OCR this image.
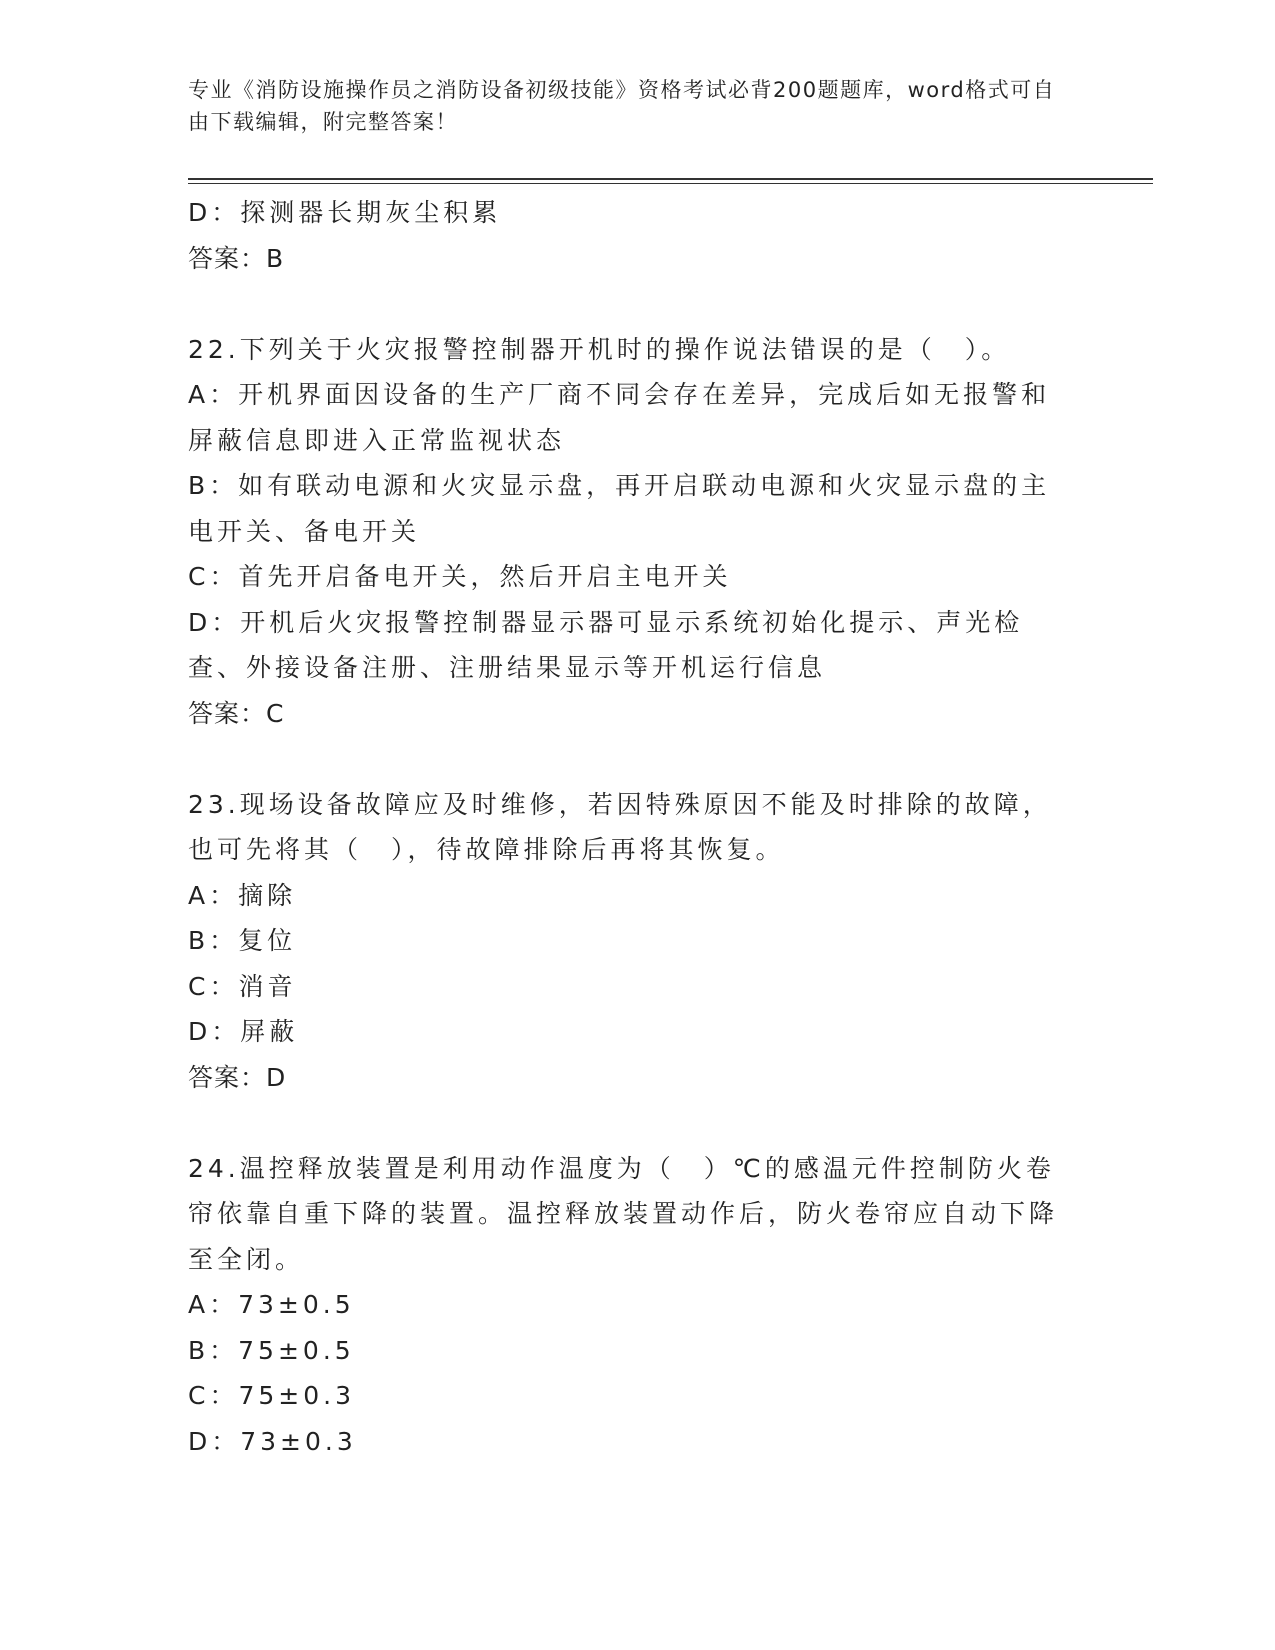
专业《消防设施操作员之消防设备初级技能》资格考试必背200题题库，word格式可自由下载编辑，附完整答案！
D：探测器长期灰尘积累
答案：B
22.下列关于火灾报警控制器开机时的操作说法错误的是（　）。
A：开机界面因设备的生产厂商不同会存在差异，完成后如无报警和屏蔽信息即进入正常监视状态
B：如有联动电源和火灾显示盘，再开启联动电源和火灾显示盘的主电开关、备电开关
C：首先开启备电开关，然后开启主电开关
D：开机后火灾报警控制器显示器可显示系统初始化提示、声光检查、外接设备注册、注册结果显示等开机运行信息
答案：C
23.现场设备故障应及时维修，若因特殊原因不能及时排除的故障，也可先将其（　），待故障排除后再将其恢复。
A：摘除
B：复位
C：消音
D：屏蔽
答案：D
24.温控释放装置是利用动作温度为（　）℃的感温元件控制防火卷帘依靠自重下降的装置。温控释放装置动作后，防火卷帘应自动下降至全闭。
A：73±0.5
B：75±0.5
C：75±0.3
D：73±0.3
